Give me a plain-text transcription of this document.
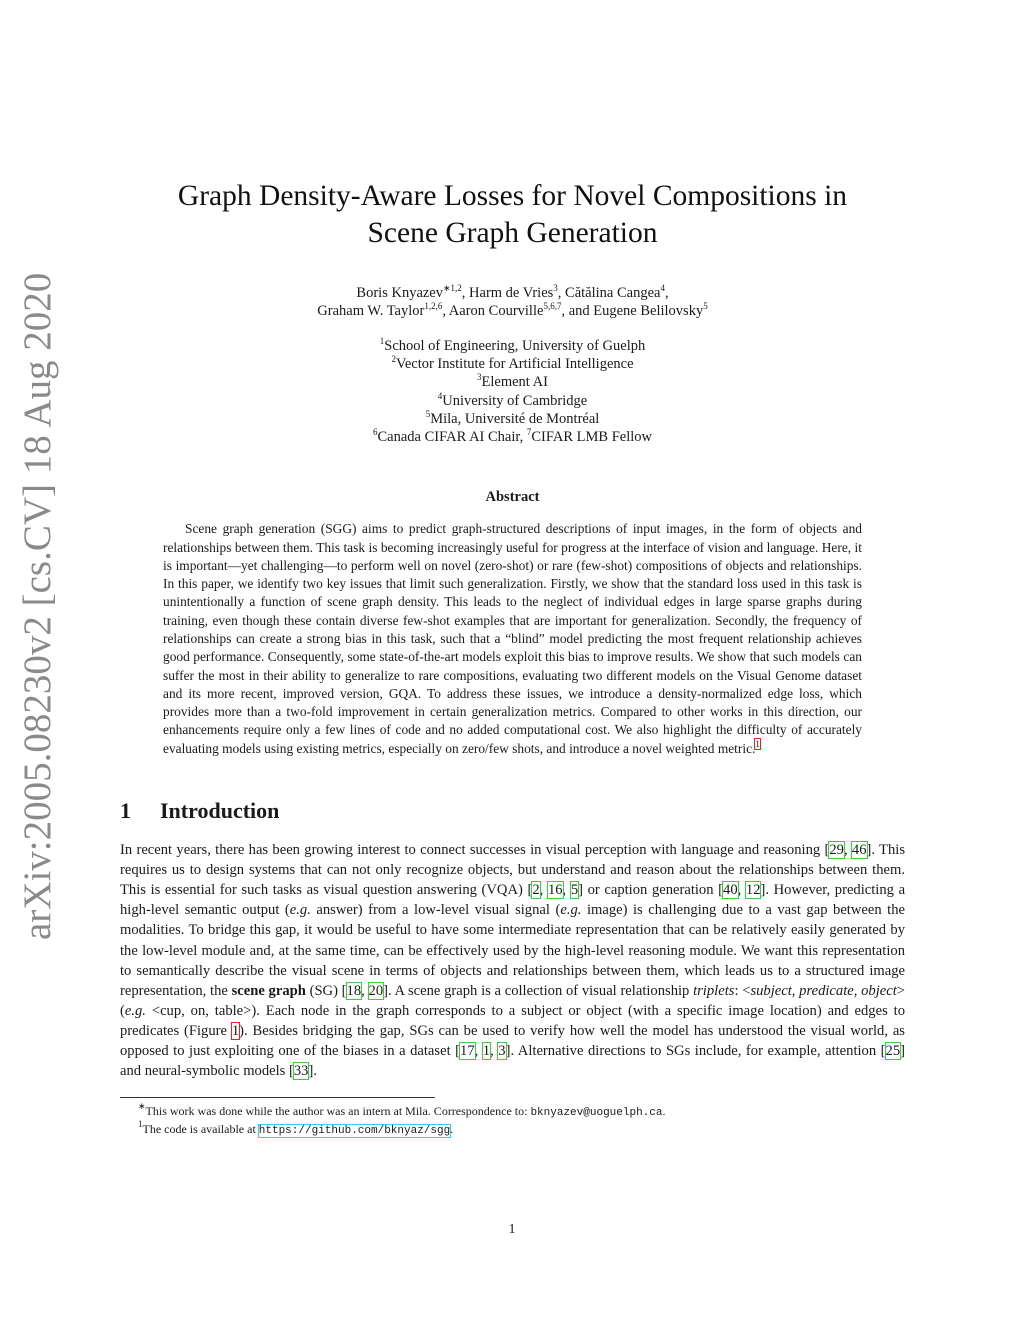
arXiv:2005.08230v2 [cs.CV] 18 Aug 2020
Graph Density-Aware Losses for Novel Compositions in
Scene Graph Generation
Boris Knyazev$^{∗1,2}$, Harm de Vries$^3$, Cătălina Cangea$^4$,
Graham W. Taylor$^{1,2,6}$, Aaron Courville$^{5,6,7}$, and Eugene Belilovsky$^5$
$^1$School of Engineering, University of Guelph
$^2$Vector Institute for Artificial Intelligence
$^3$Element AI
$^4$University of Cambridge
$^5$Mila, Université de Montréal
$^6$Canada CIFAR AI Chair, $^7$CIFAR LMB Fellow
Abstract
Scene graph generation (SGG) aims to predict graph-structured descriptions of input images, in the form of objects and relationships between them. This task is becoming increasingly useful for progress at the interface of vision and language. Here, it is important—yet challenging—to perform well on novel (zero-shot) or rare (few-shot) compositions of objects and relationships. In this paper, we identify two key issues that limit such generalization. Firstly, we show that the standard loss used in this task is unintentionally a function of scene graph density. This leads to the neglect of individual edges in large sparse graphs during training, even though these contain diverse few-shot examples that are important for generalization. Secondly, the frequency of relationships can create a strong bias in this task, such that a “blind” model predicting the most frequent relationship achieves good performance. Consequently, some state-of-the-art models exploit this bias to improve results. We show that such models can suffer the most in their ability to generalize to rare compositions, evaluating two different models on the Visual Genome dataset and its more recent, improved version, GQA. To address these issues, we introduce a density-normalized edge loss, which provides more than a two-fold improvement in certain generalization metrics. Compared to other works in this direction, our enhancements require only a few lines of code and no added computational cost. We also highlight the difficulty of accurately evaluating models using existing metrics, especially on zero/few shots, and introduce a novel weighted metric.$^1$
1 Introduction
In recent years, there has been growing interest to connect successes in visual perception with language and reasoning [29, 46]. This requires us to design systems that can not only recognize objects, but understand and reason about the relationships between them. This is essential for such tasks as visual question answering (VQA) [2, 16, 5] or caption generation [40, 12]. However, predicting a high-level semantic output (e.g. answer) from a low-level visual signal (e.g. image) is challenging due to a vast gap between the modalities. To bridge this gap, it would be useful to have some intermediate representation that can be relatively easily generated by the low-level module and, at the same time, can be effectively used by the high-level reasoning module. We want this representation to semantically describe the visual scene in terms of objects and relationships between them, which leads us to a structured image representation, the scene graph (SG) [18, 20]. A scene graph is a collection of visual relationship triplets: <subject, predicate, object> (e.g. <cup, on, table>). Each node in the graph corresponds to a subject or object (with a specific image location) and edges to predicates (Figure 1). Besides bridging the gap, SGs can be used to verify how well the model has understood the visual world, as opposed to just exploiting one of the biases in a dataset [17, 1, 3]. Alternative directions to SGs include, for example, attention [25] and neural-symbolic models [33].
∗This work was done while the author was an intern at Mila. Correspondence to: bknyazev@uoguelph.ca.
$^1$The code is available at https://github.com/bknyaz/sgg.
1
